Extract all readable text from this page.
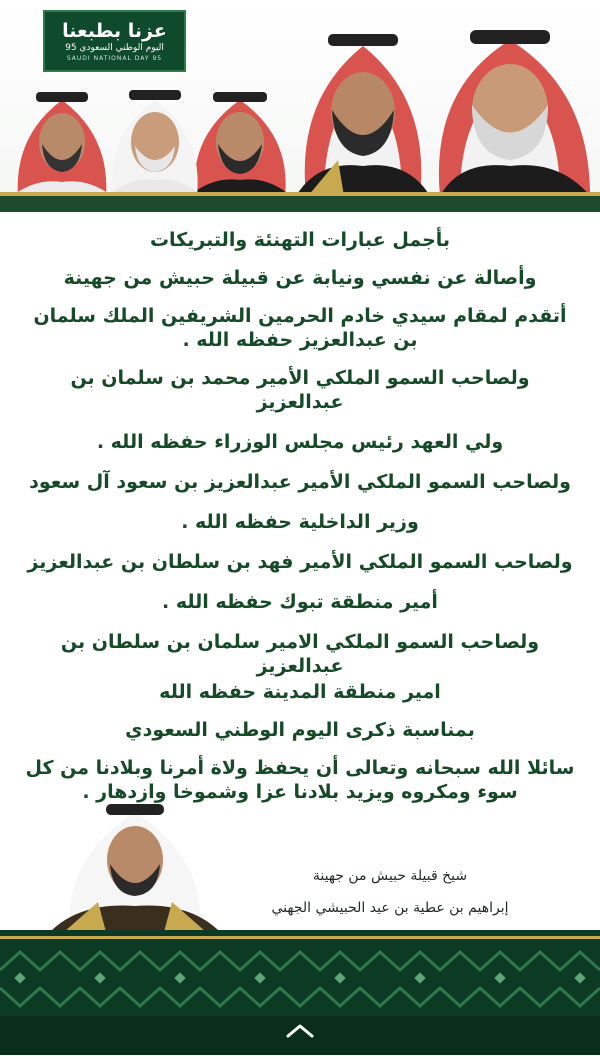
عزنا بطبعنا
اليوم الوطني السعودي 95
SAUDI NATIONAL DAY 95
بأجمل عبارات التهنئة والتبريكات
وأصالة عن نفسي ونيابة عن قبيلة حبيش من جهينة
أتقدم لمقام سيدي خادم الحرمين الشريفين الملك سلمان بن عبدالعزيز حفظه الله .
ولصاحب السمو الملكي الأمير محمد بن سلمان بن عبدالعزيز
ولي العهد رئيس مجلس الوزراء حفظه الله .
ولصاحب السمو الملكي الأمير عبدالعزيز بن سعود آل سعود
وزير الداخلية حفظه الله .
ولصاحب السمو الملكي الأمير فهد بن سلطان بن عبدالعزيز
أمير منطقة تبوك حفظه الله .
ولصاحب السمو الملكي الامير سلمان بن سلطان بن عبدالعزيز
امير منطقة المدينة حفظه الله
بمناسبة ذكرى اليوم الوطني السعودي
سائلا الله سبحانه وتعالى أن يحفظ ولاة أمرنا وبلادنا من كل سوء ومكروه ويزيد بلادنا عزا وشموخا وازدهار .
شيخ قبيلة حبيش من جهينة
إبراهيم بن عطية بن عيد الحبيشي الجهني
